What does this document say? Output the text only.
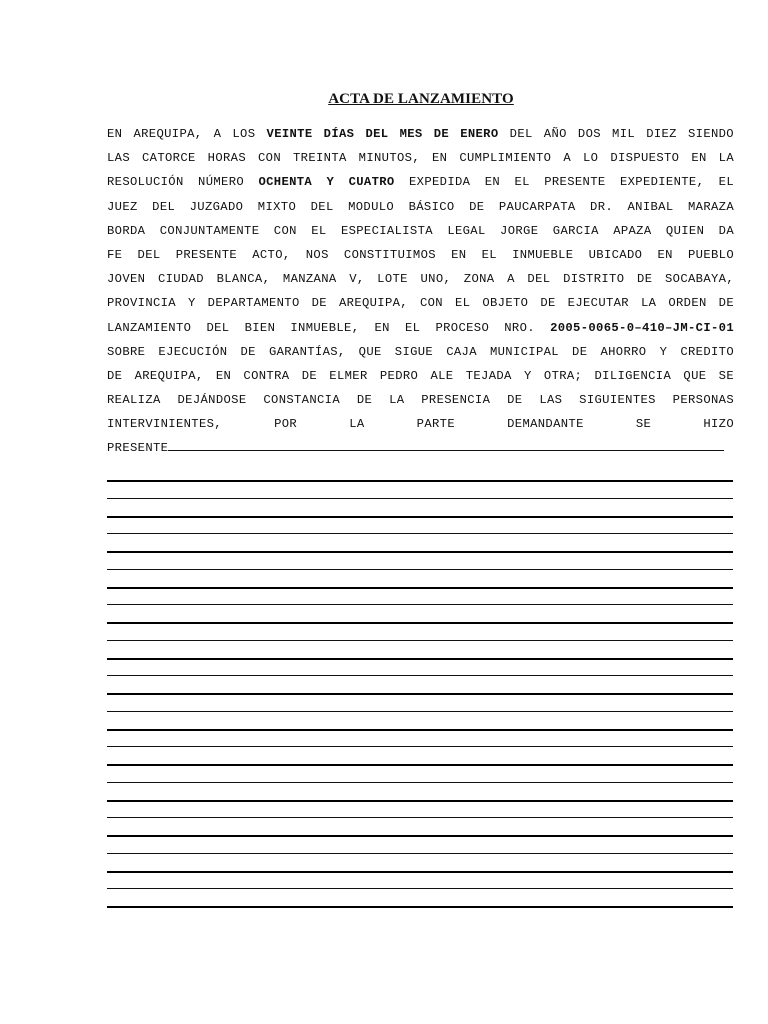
ACTA DE LANZAMIENTO
EN AREQUIPA, A LOS VEINTE DÍAS DEL MES DE ENERO DEL AÑO DOS MIL DIEZ SIENDO
LAS CATORCE HORAS CON TREINTA MINUTOS, EN CUMPLIMIENTO A LO DISPUESTO EN LA
RESOLUCIÓN NÚMERO OCHENTA Y CUATRO EXPEDIDA EN EL PRESENTE EXPEDIENTE, EL
JUEZ DEL JUZGADO MIXTO DEL MODULO BÁSICO DE PAUCARPATA DR. ANIBAL MARAZA
BORDA CONJUNTAMENTE CON EL ESPECIALISTA LEGAL JORGE GARCIA APAZA QUIEN DA
FE DEL PRESENTE ACTO, NOS CONSTITUIMOS EN EL INMUEBLE UBICADO EN PUEBLO
JOVEN CIUDAD BLANCA, MANZANA V, LOTE UNO, ZONA A DEL DISTRITO DE SOCABAYA,
PROVINCIA Y DEPARTAMENTO DE AREQUIPA, CON EL OBJETO DE EJECUTAR LA ORDEN DE
LANZAMIENTO DEL BIEN INMUEBLE, EN EL PROCESO NRO. 2005-0065-0–410–JM-CI-01
SOBRE EJECUCIÓN DE GARANTÍAS, QUE SIGUE CAJA MUNICIPAL DE AHORRO Y CREDITO
DE AREQUIPA, EN CONTRA DE ELMER PEDRO ALE TEJADA Y OTRA; DILIGENCIA QUE SE
REALIZA DEJÁNDOSE CONSTANCIA DE LA PRESENCIA DE LAS SIGUIENTES PERSONAS
INTERVINIENTES, POR LA PARTE DEMANDANTE SE HIZO
PRESENTE
